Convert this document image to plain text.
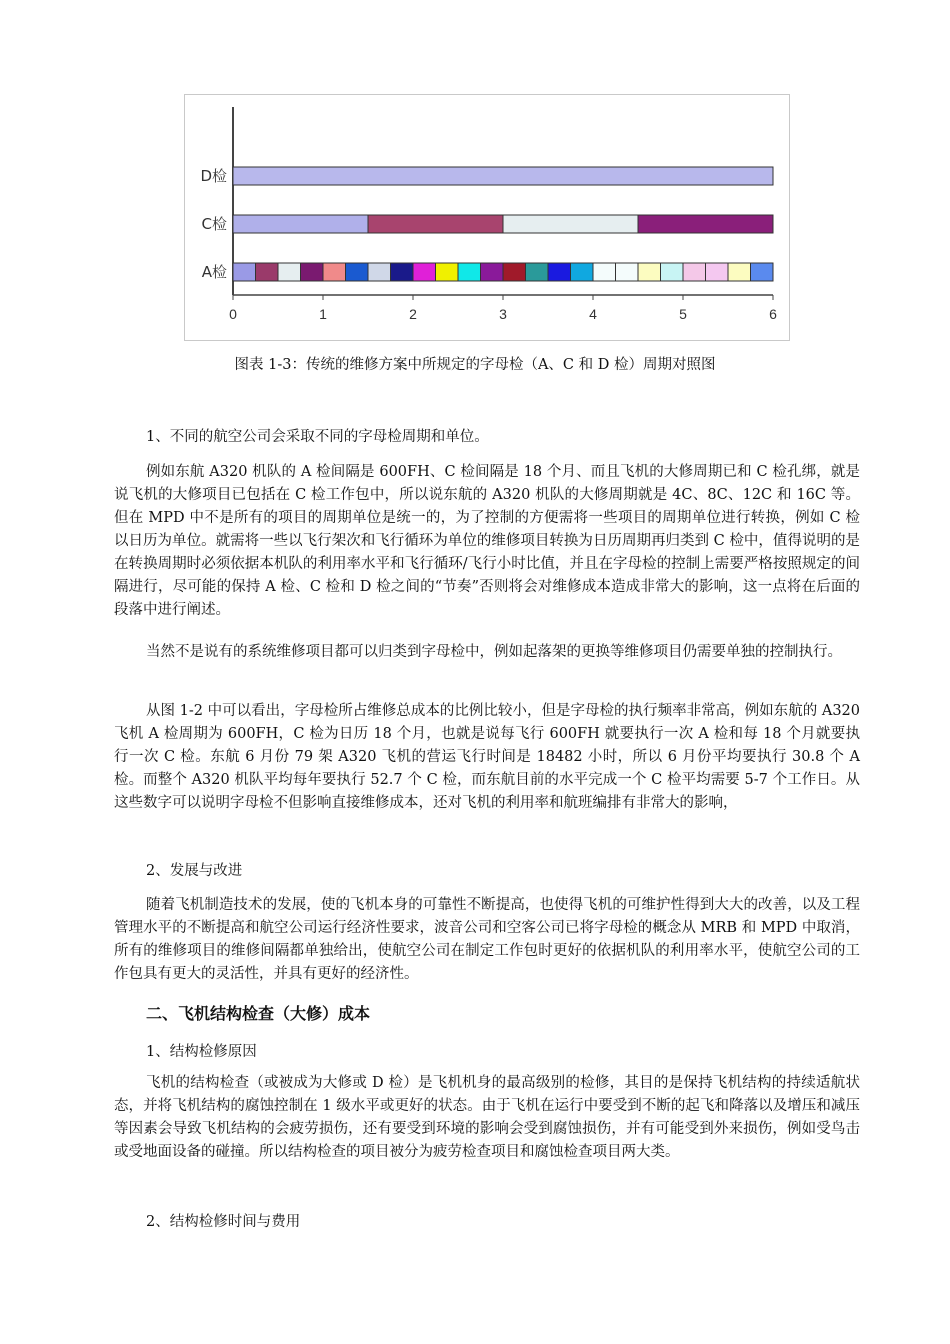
0	1	2	3	4	5	6
D检
C检
A检
图表 1-3：传统的维修方案中所规定的字母检（A、C 和 D 检）周期对照图

1、不同的航空公司会采取不同的字母检周期和单位。

例如东航 A320 机队的 A 检间隔是 600FH、C 检间隔是 18 个月、而且飞机的大修周期已和 C 检孔绑，就是说飞机的大修项目已包括在 C 检工作包中，所以说东航的 A320 机队的大修周期就是 4C、8C、12C 和 16C 等。但在 MPD 中不是所有的项目的周期单位是统一的，为了控制的方便需将一些项目的周期单位进行转换，例如 C 检以日历为单位。就需将一些以飞行架次和飞行循环为单位的维修项目转换为日历周期再归类到 C 检中，值得说明的是在转换周期时必须依据本机队的利用率水平和飞行循环/飞行小时比值，并且在字母检的控制上需要严格按照规定的间隔进行，尽可能的保持 A 检、C 检和 D 检之间的“节奏”否则将会对维修成本造成非常大的影响，这一点将在后面的段落中进行阐述。

当然不是说有的系统维修项目都可以归类到字母检中，例如起落架的更换等维修项目仍需要单独的控制执行。

从图 1-2 中可以看出，字母检所占维修总成本的比例比较小，但是字母检的执行频率非常高，例如东航的 A320 飞机 A 检周期为 600FH，C 检为日历 18 个月，也就是说每飞行 600FH 就要执行一次 A 检和每 18 个月就要执行一次 C 检。东航 6 月份 79 架 A320 飞机的营运飞行时间是 18482 小时，所以 6 月份平均要执行 30.8 个 A 检。而整个 A320 机队平均每年要执行 52.7 个 C 检，而东航目前的水平完成一个 C 检平均需要 5-7 个工作日。从这些数字可以说明字母检不但影响直接维修成本，还对飞机的利用率和航班编排有非常大的影响，

2、发展与改进

随着飞机制造技术的发展，使的飞机本身的可靠性不断提高，也使得飞机的可维护性得到大大的改善，以及工程管理水平的不断提高和航空公司运行经济性要求，波音公司和空客公司已将字母检的概念从 MRB 和 MPD 中取消，所有的维修项目的维修间隔都单独给出，使航空公司在制定工作包时更好的依据机队的利用率水平，使航空公司的工作包具有更大的灵活性，并具有更好的经济性。

二、飞机结构检查（大修）成本
1、结构检修原因

飞机的结构检查（或被成为大修或 D 检）是飞机机身的最高级别的检修，其目的是保持飞机结构的持续适航状态，并将飞机结构的腐蚀控制在 1 级水平或更好的状态。由于飞机在运行中要受到不断的起飞和降落以及增压和减压等因素会导致飞机结构的会疲劳损伤，还有要受到环境的影响会受到腐蚀损伤，并有可能受到外来损伤，例如受鸟击或受地面设备的碰撞。所以结构检查的项目被分为疲劳检查项目和腐蚀检查项目两大类。

2、结构检修时间与费用
